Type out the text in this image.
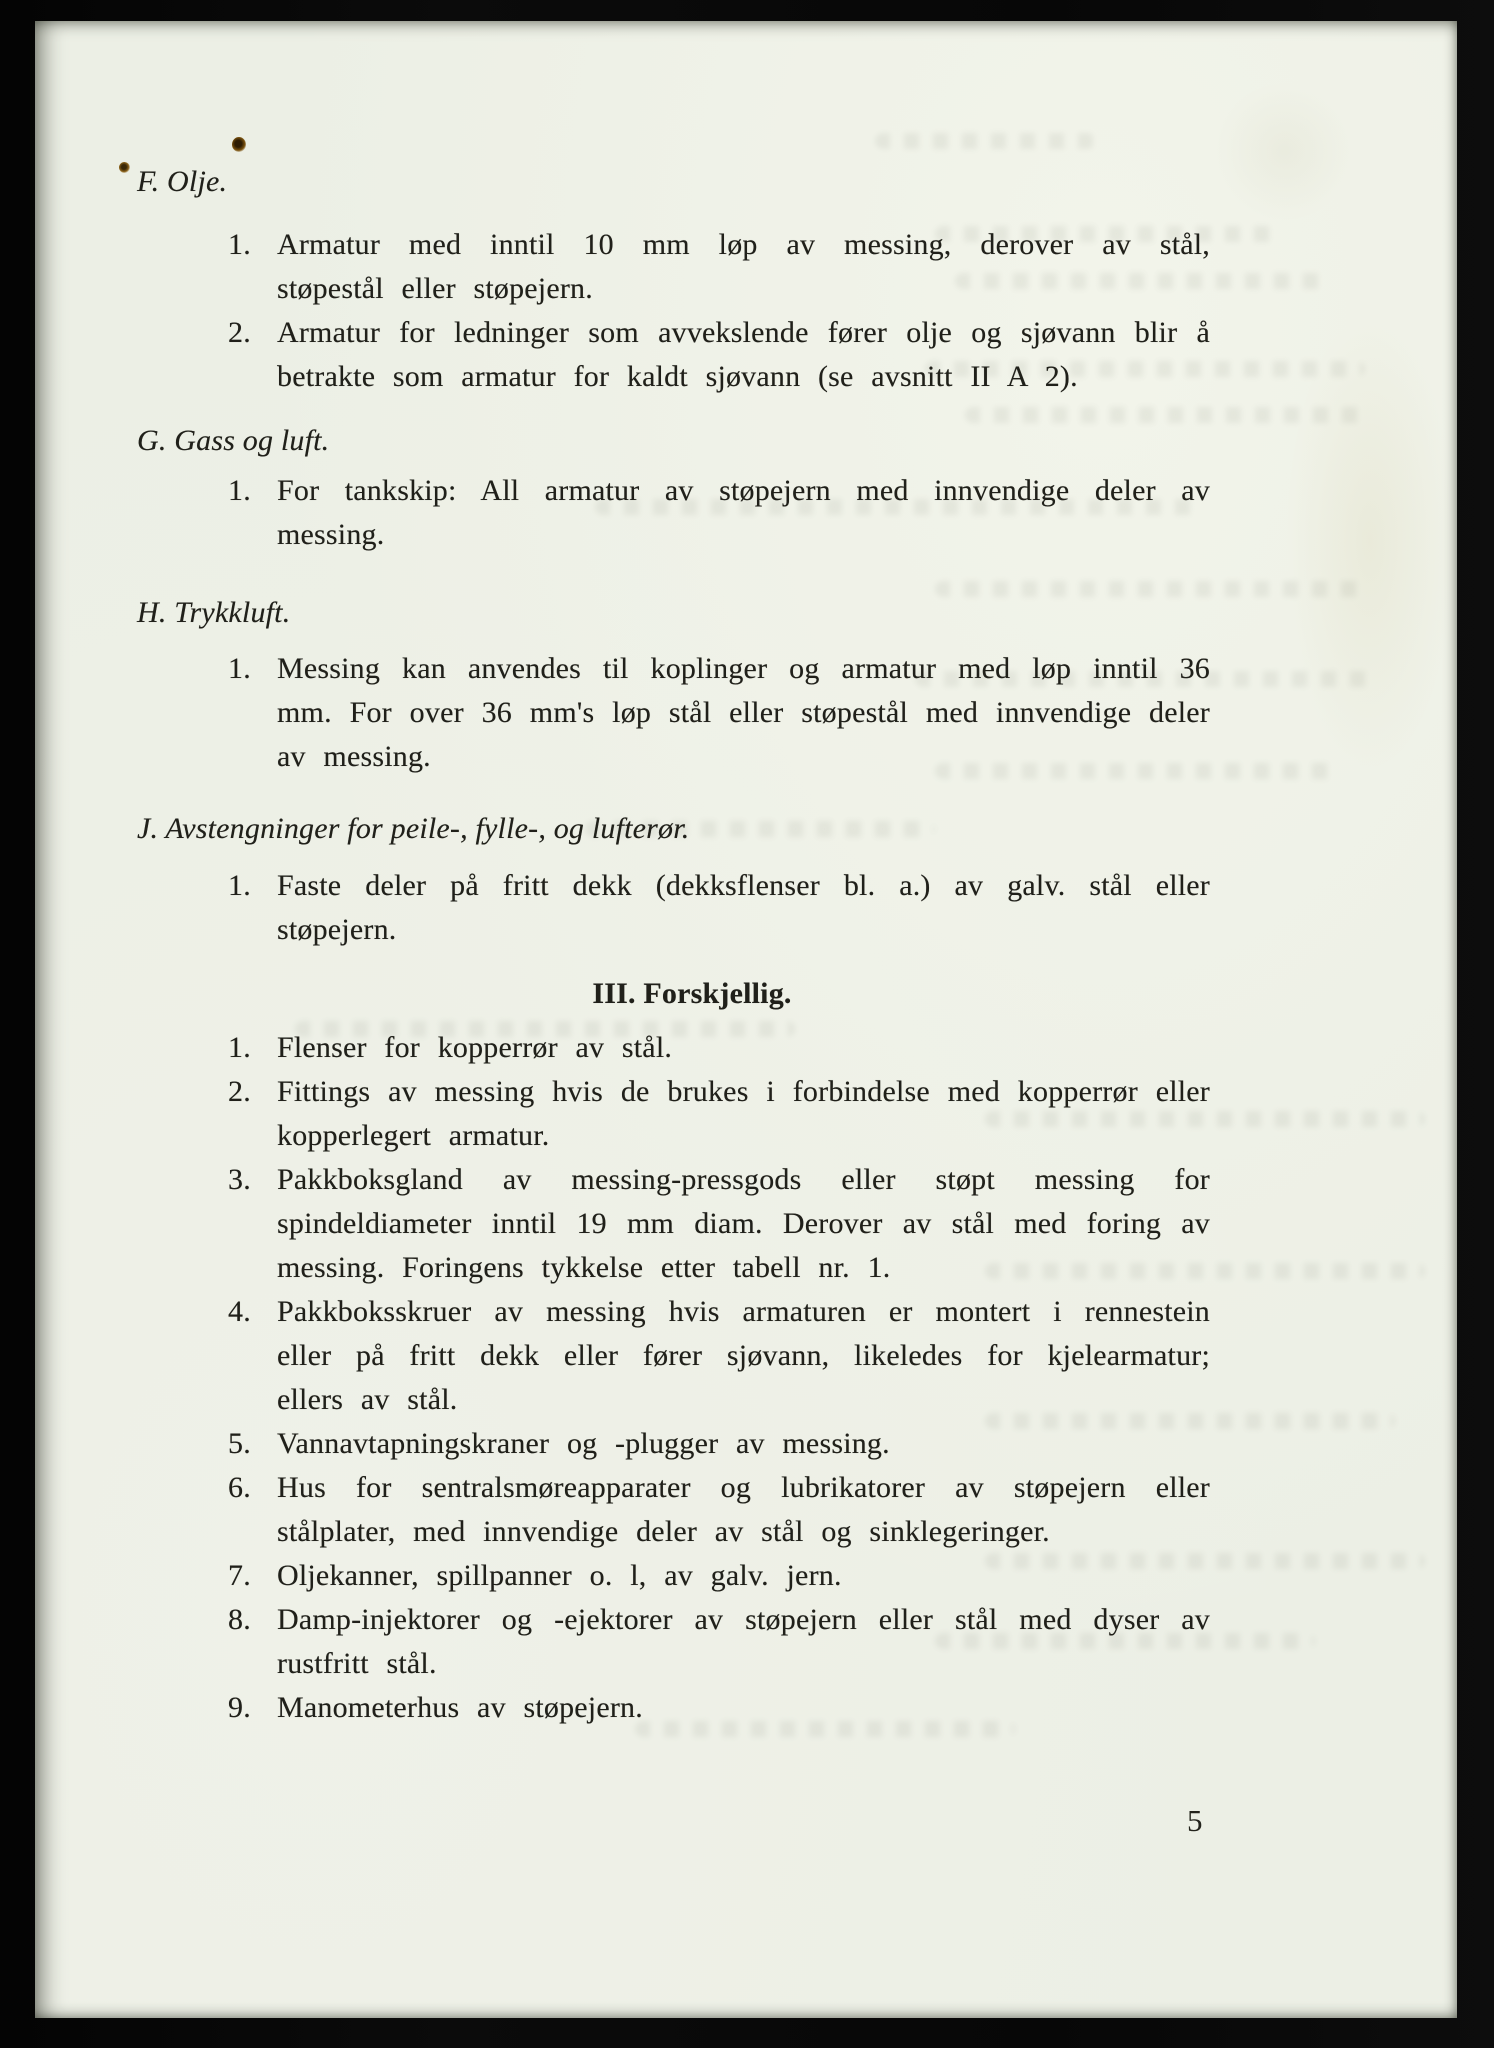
F. Olje.
1. Armatur med inntil 10 mm løp av messing, derover av stål, støpestål eller støpejern.
2. Armatur for ledninger som avvekslende fører olje og sjøvann blir å betrakte som armatur for kaldt sjøvann (se avsnitt II A 2).
G. Gass og luft.
1. For tankskip: All armatur av støpejern med innvendige deler av messing.
H. Trykkluft.
1. Messing kan anvendes til koplinger og armatur med løp inntil 36 mm. For over 36 mm's løp stål eller støpestål med innvendige deler av messing.
J. Avstengninger for peile-, fylle-, og lufterør.
1. Faste deler på fritt dekk (dekksflenser bl. a.) av galv. stål eller støpejern.
III. Forskjellig.
1. Flenser for kopperrør av stål.
2. Fittings av messing hvis de brukes i forbindelse med kopperrør eller kopperlegert armatur.
3. Pakkboksgland av messing-pressgods eller støpt messing for spindeldiameter inntil 19 mm diam. Derover av stål med foring av messing. Foringens tykkelse etter tabell nr. 1.
4. Pakkboksskruer av messing hvis armaturen er montert i rennestein eller på fritt dekk eller fører sjøvann, likeledes for kjelearmatur; ellers av stål.
5. Vannavtapningskraner og -plugger av messing.
6. Hus for sentralsmøreapparater og lubrikatorer av støpejern eller stålplater, med innvendige deler av stål og sinklegeringer.
7. Oljekanner, spillpanner o. l, av galv. jern.
8. Damp-injektorer og -ejektorer av støpejern eller stål med dyser av rustfritt stål.
9. Manometerhus av støpejern.
5
